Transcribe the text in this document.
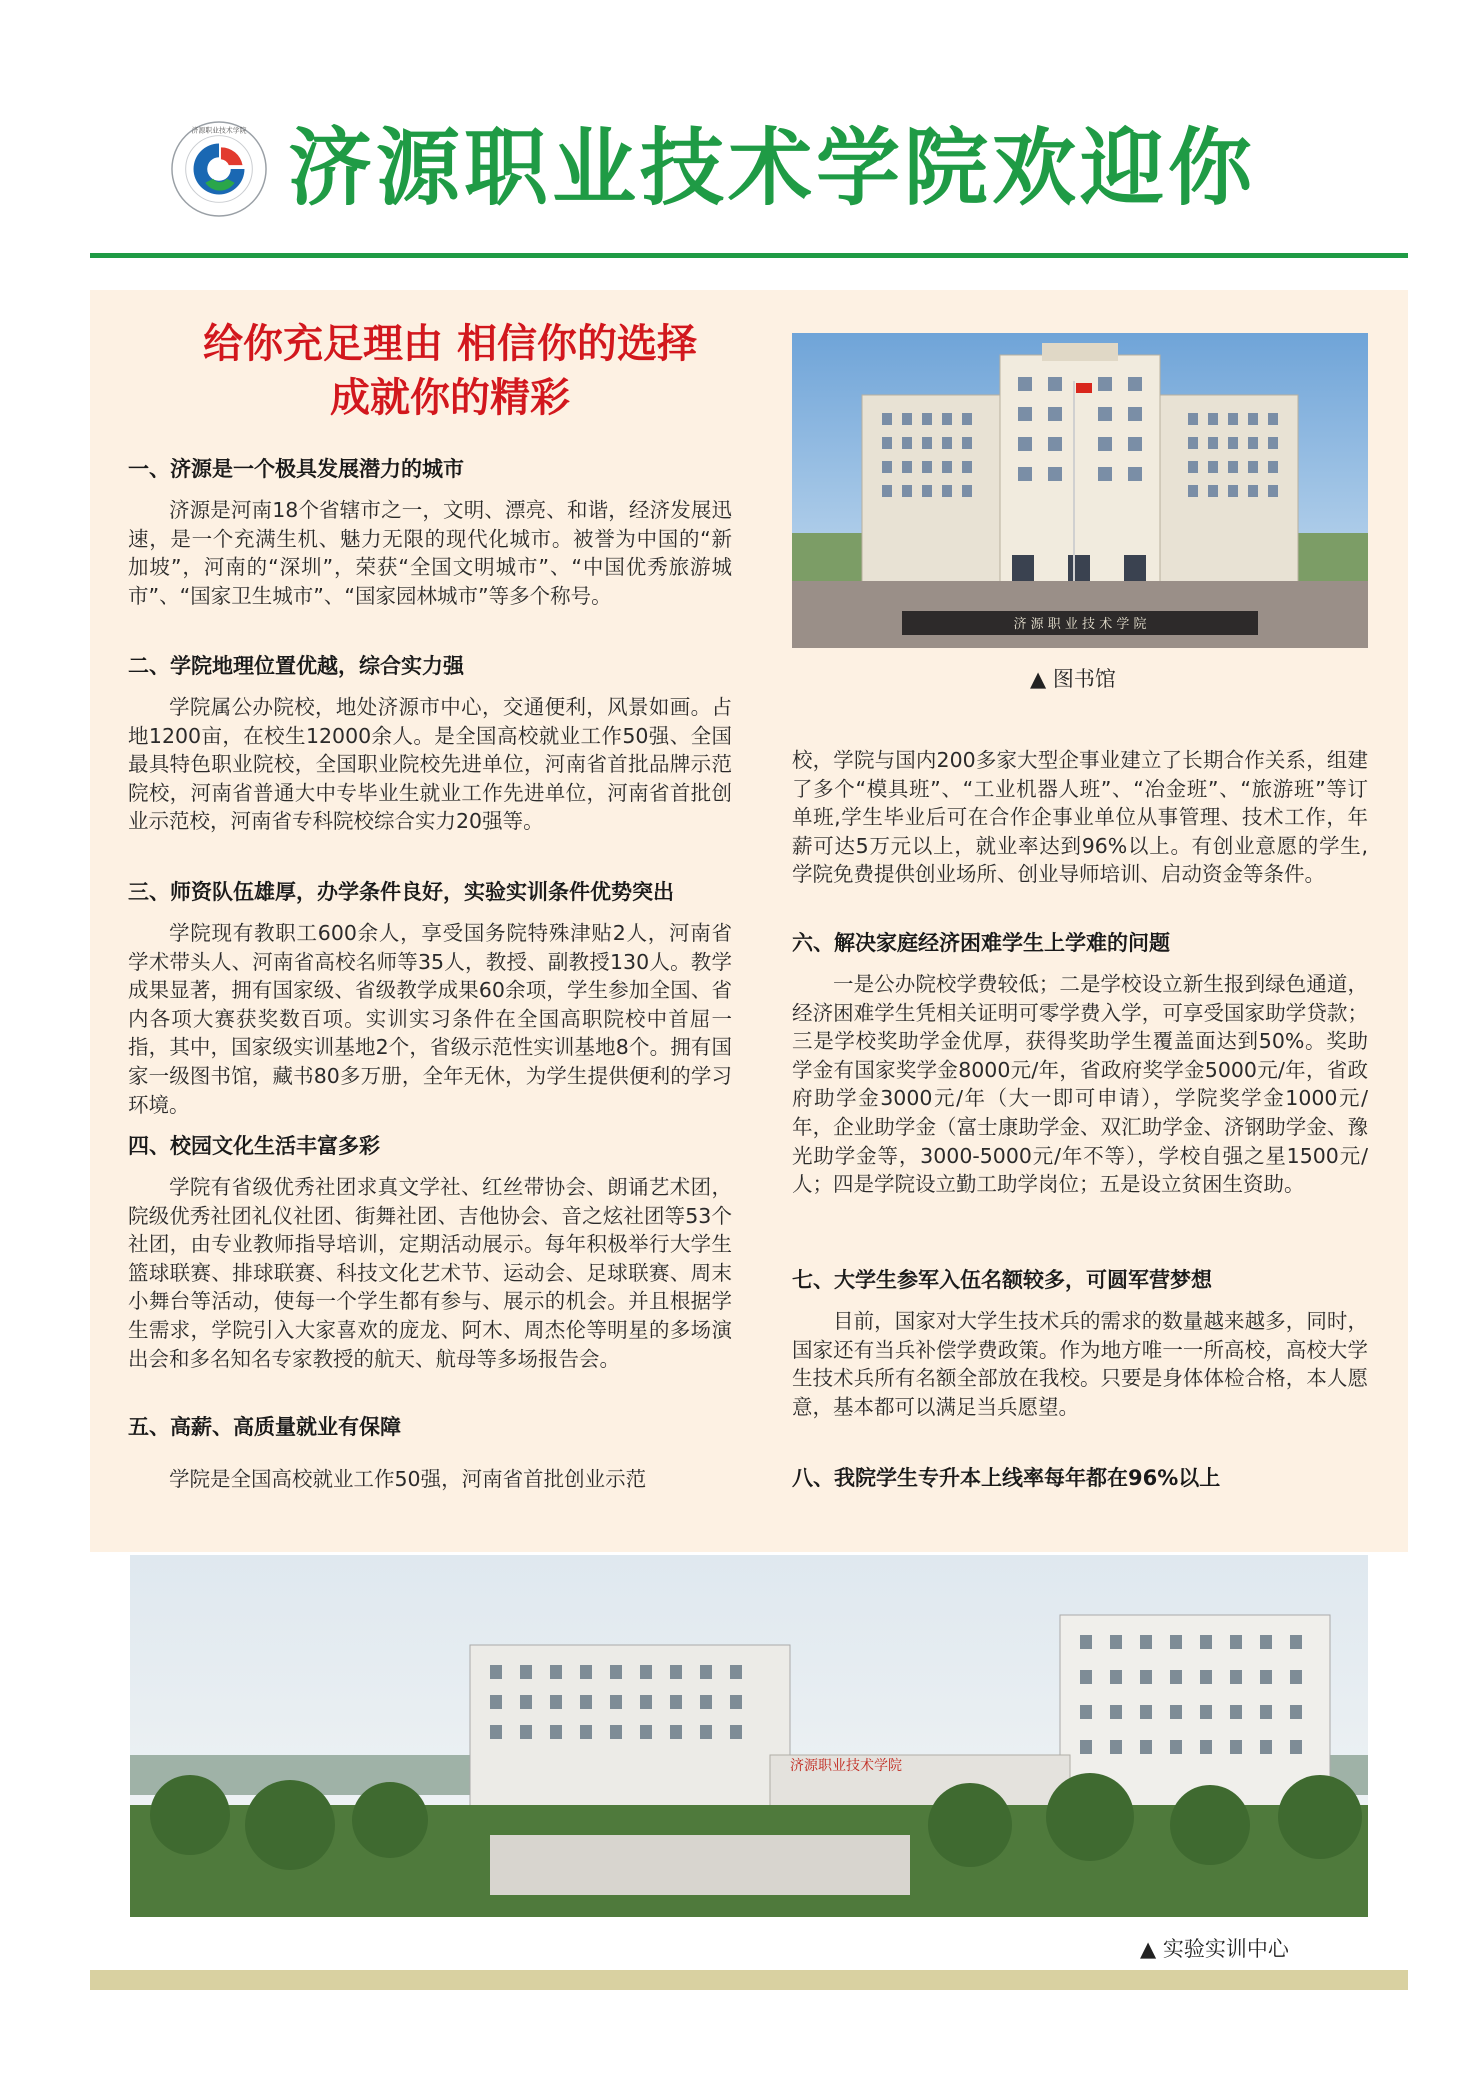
济源职业技术学院 济源职业技术学院欢迎你
给你充足理由 相信你的选择
成就你的精彩
一、济源是一个极具发展潜力的城市

济源是河南18个省辖市之一，文明、漂亮、和谐，经济发展迅速，是一个充满生机、魅力无限的现代化城市。被誉为中国的“新加坡”，河南的“深圳”，荣获“全国文明城市”、“中国优秀旅游城市”、“国家卫生城市”、“国家园林城市”等多个称号。

二、学院地理位置优越，综合实力强

学院属公办院校，地处济源市中心，交通便利，风景如画。占地1200亩，在校生12000余人。是全国高校就业工作50强、全国最具特色职业院校，全国职业院校先进单位，河南省首批品牌示范院校，河南省普通大中专毕业生就业工作先进单位，河南省首批创业示范校，河南省专科院校综合实力20强等。

三、师资队伍雄厚，办学条件良好，实验实训条件优势突出

学院现有教职工600余人，享受国务院特殊津贴2人，河南省学术带头人、河南省高校名师等35人，教授、副教授130人。教学成果显著，拥有国家级、省级教学成果60余项，学生参加全国、省内各项大赛获奖数百项。实训实习条件在全国高职院校中首屈一指，其中，国家级实训基地2个，省级示范性实训基地8个。拥有国家一级图书馆，藏书80多万册，全年无休，为学生提供便利的学习环境。

四、校园文化生活丰富多彩

学院有省级优秀社团求真文学社、红丝带协会、朗诵艺术团，院级优秀社团礼仪社团、街舞社团、吉他协会、音之炫社团等53个社团，由专业教师指导培训，定期活动展示。每年积极举行大学生篮球联赛、排球联赛、科技文化艺术节、运动会、足球联赛、周末小舞台等活动，使每一个学生都有参与、展示的机会。并且根据学生需求，学院引入大家喜欢的庞龙、阿木、周杰伦等明星的多场演出会和多名知名专家教授的航天、航母等多场报告会。

五、高薪、高质量就业有保障

学院是全国高校就业工作50强，河南省首批创业示范

济 源 职 业 技 术 学 院
▲ 图书馆

校，学院与国内200多家大型企事业建立了长期合作关系，组建了多个“模具班”、“工业机器人班”、“冶金班”、“旅游班”等订单班,学生毕业后可在合作企事业单位从事管理、技术工作，年薪可达5万元以上，就业率达到96%以上。有创业意愿的学生,学院免费提供创业场所、创业导师培训、启动资金等条件。

六、解决家庭经济困难学生上学难的问题

一是公办院校学费较低；二是学校设立新生报到绿色通道，经济困难学生凭相关证明可零学费入学，可享受国家助学贷款；三是学校奖助学金优厚，获得奖助学生覆盖面达到50%。奖助学金有国家奖学金8000元/年，省政府奖学金5000元/年，省政府助学金3000元/年（大一即可申请），学院奖学金1000元/年，企业助学金（富士康助学金、双汇助学金、济钢助学金、豫光助学金等，3000-5000元/年不等），学校自强之星1500元/人；四是学院设立勤工助学岗位；五是设立贫困生资助。

七、大学生参军入伍名额较多，可圆军营梦想

目前，国家对大学生技术兵的需求的数量越来越多，同时，国家还有当兵补偿学费政策。作为地方唯一一所高校，高校大学生技术兵所有名额全部放在我校。只要是身体体检合格，本人愿意，基本都可以满足当兵愿望。

八、我院学生专升本上线率每年都在96%以上
济源职业技术学院
▲ 实验实训中心
